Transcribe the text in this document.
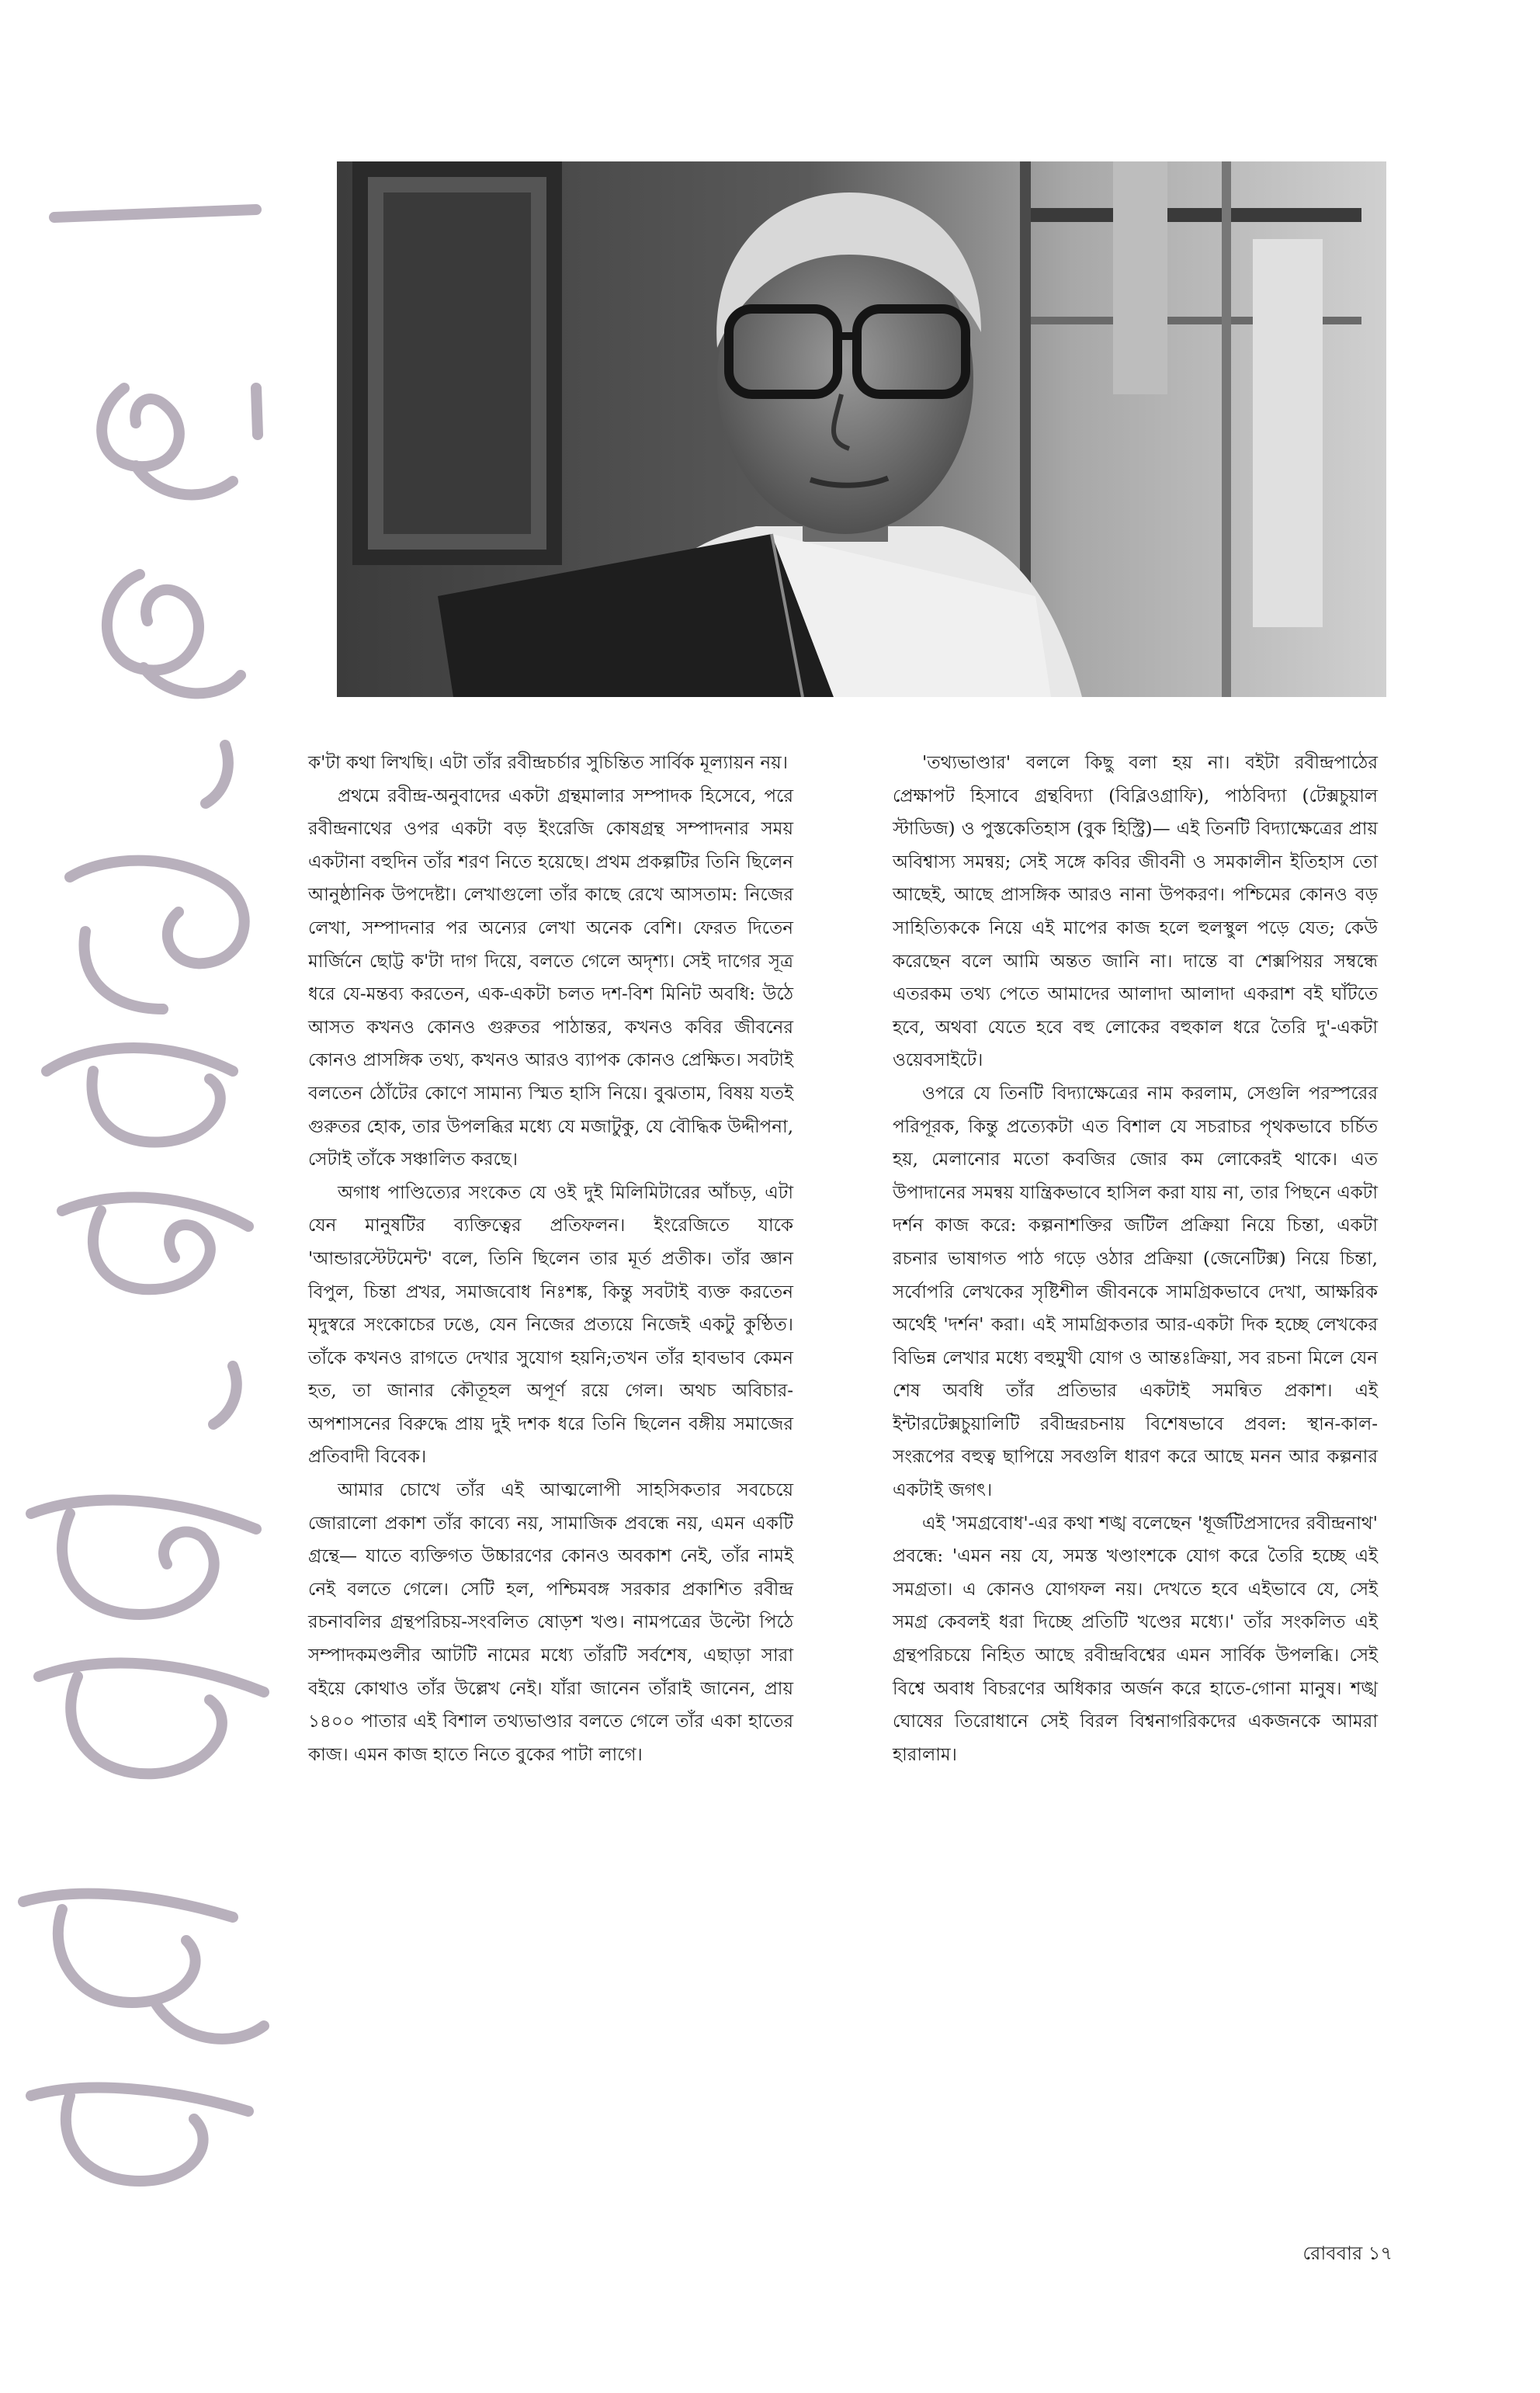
ক'টা কথা লিখছি। এটা তাঁর রবীন্দ্রচর্চার সুচিন্তিত সার্বিক মূল্যায়ন নয়।

প্রথমে রবীন্দ্র-অনুবাদের একটা গ্রন্থমালার সম্পাদক হিসেবে, পরে রবীন্দ্রনাথের ওপর একটা বড় ইংরেজি কোষগ্রন্থ সম্পাদনার সময় একটানা বহুদিন তাঁর শরণ নিতে হয়েছে। প্রথম প্রকল্পটির তিনি ছিলেন আনুষ্ঠানিক উপদেষ্টা। লেখাগুলো তাঁর কাছে রেখে আসতাম: নিজের লেখা, সম্পাদনার পর অন্যের লেখা অনেক বেশি। ফেরত দিতেন মার্জিনে ছোট্ট ক'টা দাগ দিয়ে, বলতে গেলে অদৃশ্য। সেই দাগের সূত্র ধরে যে-মন্তব্য করতেন, এক-একটা চলত দশ-বিশ মিনিট অবধি: উঠে আসত কখনও কোনও গুরুতর পাঠান্তর, কখনও কবির জীবনের কোনও প্রাসঙ্গিক তথ্য, কখনও আরও ব্যাপক কোনও প্রেক্ষিত। সবটাই বলতেন ঠোঁটের কোণে সামান্য স্মিত হাসি নিয়ে। বুঝতাম, বিষয় যতই গুরুতর হোক, তার উপলব্ধির মধ্যে যে মজাটুকু, যে বৌদ্ধিক উদ্দীপনা, সেটাই তাঁকে সঞ্চালিত করছে।

অগাধ পাণ্ডিত্যের সংকেত যে ওই দুই মিলিমিটারের আঁচড়, এটা যেন মানুষটির ব্যক্তিত্বের প্রতিফলন। ইংরেজিতে যাকে 'আন্ডারস্টেটমেন্ট' বলে, তিনি ছিলেন তার মূর্ত প্রতীক। তাঁর জ্ঞান বিপুল, চিন্তা প্রখর, সমাজবোধ নিঃশঙ্ক, কিন্তু সবটাই ব্যক্ত করতেন মৃদুস্বরে সংকোচের ঢঙে, যেন নিজের প্রত্যয়ে নিজেই একটু কুণ্ঠিত। তাঁকে কখনও রাগতে দেখার সুযোগ হয়নি;তখন তাঁর হাবভাব কেমন হত, তা জানার কৌতূহল অপূর্ণ রয়ে গেল। অথচ অবিচার-অপশাসনের বিরুদ্ধে প্রায় দুই দশক ধরে তিনি ছিলেন বঙ্গীয় সমাজের প্রতিবাদী বিবেক।

আমার চোখে তাঁর এই আত্মলোপী সাহসিকতার সবচেয়ে জোরালো প্রকাশ তাঁর কাব্যে নয়, সামাজিক প্রবন্ধে নয়, এমন একটি গ্রন্থে— যাতে ব্যক্তিগত উচ্চারণের কোনও অবকাশ নেই, তাঁর নামই নেই বলতে গেলে। সেটি হল, পশ্চিমবঙ্গ সরকার প্রকাশিত রবীন্দ্র রচনাবলির গ্রন্থপরিচয়-সংবলিত ষোড়শ খণ্ড। নামপত্রের উল্টো পিঠে সম্পাদকমণ্ডলীর আটটি নামের মধ্যে তাঁরটি সর্বশেষ, এছাড়া সারা বইয়ে কোথাও তাঁর উল্লেখ নেই। যাঁরা জানেন তাঁরাই জানেন, প্রায় ১৪০০ পাতার এই বিশাল তথ্যভাণ্ডার বলতে গেলে তাঁর একা হাতের কাজ। এমন কাজ হাতে নিতে বুকের পাটা লাগে।

'তথ্যভাণ্ডার' বললে কিছু বলা হয় না। বইটা রবীন্দ্রপাঠের প্রেক্ষাপট হিসাবে গ্রন্থবিদ্যা (বিব্লিওগ্রাফি), পাঠবিদ্যা (টেক্সচুয়াল স্টাডিজ) ও পুস্তকেতিহাস (বুক হিস্ট্রি)— এই তিনটি বিদ্যাক্ষেত্রের প্রায় অবিশ্বাস্য সমন্বয়; সেই সঙ্গে কবির জীবনী ও সমকালীন ইতিহাস তো আছেই, আছে প্রাসঙ্গিক আরও নানা উপকরণ। পশ্চিমের কোনও বড় সাহিত্যিককে নিয়ে এই মাপের কাজ হলে হুলস্থুল পড়ে যেত; কেউ করেছেন বলে আমি অন্তত জানি না। দান্তে বা শেক্সপিয়র সম্বন্ধে এতরকম তথ্য পেতে আমাদের আলাদা আলাদা একরাশ বই ঘাঁটতে হবে, অথবা যেতে হবে বহু লোকের বহুকাল ধরে তৈরি দু'-একটা ওয়েবসাইটে।

ওপরে যে তিনটি বিদ্যাক্ষেত্রের নাম করলাম, সেগুলি পরস্পরের পরিপূরক, কিন্তু প্রত্যেকটা এত বিশাল যে সচরাচর পৃথকভাবে চর্চিত হয়, মেলানোর মতো কবজির জোর কম লোকেরই থাকে। এত উপাদানের সমন্বয় যান্ত্রিকভাবে হাসিল করা যায় না, তার পিছনে একটা দর্শন কাজ করে: কল্পনাশক্তির জটিল প্রক্রিয়া নিয়ে চিন্তা, একটা রচনার ভাষাগত পাঠ গড়ে ওঠার প্রক্রিয়া (জেনেটিক্স) নিয়ে চিন্তা, সর্বোপরি লেখকের সৃষ্টিশীল জীবনকে সামগ্রিকভাবে দেখা, আক্ষরিক অর্থেই 'দর্শন' করা। এই সামগ্রিকতার আর-একটা দিক হচ্ছে লেখকের বিভিন্ন লেখার মধ্যে বহুমুখী যোগ ও আন্তঃক্রিয়া, সব রচনা মিলে যেন শেষ অবধি তাঁর প্রতিভার একটাই সমন্বিত প্রকাশ। এই ইন্টারটেক্সচুয়ালিটি রবীন্দ্ররচনায় বিশেষভাবে প্রবল: স্থান-কাল-সংরূপের বহুত্ব ছাপিয়ে সবগুলি ধারণ করে আছে মনন আর কল্পনার একটাই জগৎ।

এই 'সমগ্রবোধ'-এর কথা শঙ্খ বলেছেন 'ধূর্জটিপ্রসাদের রবীন্দ্রনাথ' প্রবন্ধে: 'এমন নয় যে, সমস্ত খণ্ডাংশকে যোগ করে তৈরি হচ্ছে এই সমগ্রতা। এ কোনও যোগফল নয়। দেখতে হবে এইভাবে যে, সেই সমগ্র কেবলই ধরা দিচ্ছে প্রতিটি খণ্ডের মধ্যে।' তাঁর সংকলিত এই গ্রন্থপরিচয়ে নিহিত আছে রবীন্দ্রবিশ্বের এমন সার্বিক উপলব্ধি। সেই বিশ্বে অবাধ বিচরণের অধিকার অর্জন করে হাতে-গোনা মানুষ। শঙ্খ ঘোষের তিরোধানে সেই বিরল বিশ্বনাগরিকদের একজনকে আমরা হারালাম।

রোববার ১৭
